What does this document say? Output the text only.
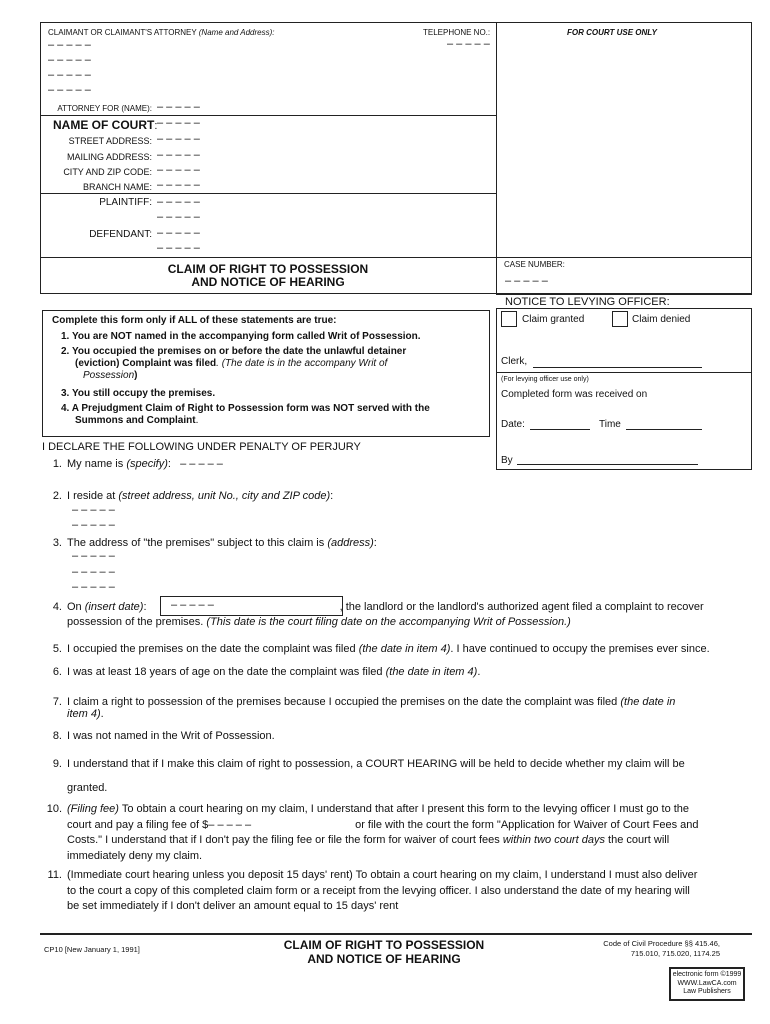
CLAIMANT OR CLAIMANT'S ATTORNEY (Name and Address):	TELEPHONE NO.:
– – – – –
FOR COURT USE ONLY
– – – – –
– – – – –
– – – – –
– – – – –
ATTORNEY FOR (NAME): – – – – –
NAME OF COURT: – – – – –
STREET ADDRESS: – – – – –
MAILING ADDRESS: – – – – –
CITY AND ZIP CODE: – – – – –
BRANCH NAME: – – – – –
PLAINTIFF: – – – – –
– – – – –
DEFENDANT: – – – – –
– – – – –
CLAIM OF RIGHT TO POSSESSION
AND NOTICE OF HEARING
CASE NUMBER:
– – – – –
NOTICE TO LEVYING OFFICER:
Claim granted	Claim denied
Clerk,
(For levying officer use only)
Completed form was received on
Date:	Time
By
Complete this form only if ALL of these statements are true:
1. You are NOT named in the accompanying form called Writ of Possession.
2. You occupied the premises on or before the date the unlawful detainer
(eviction) Complaint was filed. (The date is in the accompany Writ of
Possession)
3. You still occupy the premises.
4. A Prejudgment Claim of Right to Possession form was NOT served with the
Summons and Complaint.
I DECLARE THE FOLLOWING UNDER PENALTY OF PERJURY
1. My name is (specify): – – – – –
2. I reside at (street address, unit No., city and ZIP code):
– – – – –
– – – – –
3. The address of "the premises" subject to this claim is (address):
– – – – –
– – – – –
– – – – –
4. On (insert date):	, the landlord or the landlord's authorized agent filed a complaint to recover
possession of the premises. (This date is the court filing date on the accompanying Writ of Possession.)
– – – – –
5. I occupied the premises on the date the complaint was filed (the date in item 4). I have continued to occupy the premises ever since.
6. I was at least 18 years of age on the date the complaint was filed (the date in item 4).
7. I claim a right to possession of the premises because I occupied the premises on the date the complaint was filed (the date in
item 4).
8. I was not named in the Writ of Possession.
9. I understand that if I make this claim of right to possession, a COURT HEARING will be held to decide whether my claim will be
granted.
10. (Filing fee) To obtain a court hearing on my claim, I understand that after I present this form to the levying officer I must go to the
court and pay a filing fee of $– – – – –	or file with the court the form "Application for Waiver of Court Fees and
Costs." I understand that if I don't pay the filing fee or file the form for waiver of court fees within two court days the court will
immediately deny my claim.
11. (Immediate court hearing unless you deposit 15 days' rent) To obtain a court hearing on my claim, I understand I must also deliver
to the court a copy of this completed claim form or a receipt from the levying officer. I also understand the date of my hearing will
be set immediately if I don't deliver an amount equal to 15 days' rent
CP10 [New January 1, 1991]	CLAIM OF RIGHT TO POSSESSION
AND NOTICE OF HEARING
Code of Civil Procedure §§ 415.46,
715.010, 715.020, 1174.25
electronic form ©1999
WWW.LawCA.com
Law Publishers
